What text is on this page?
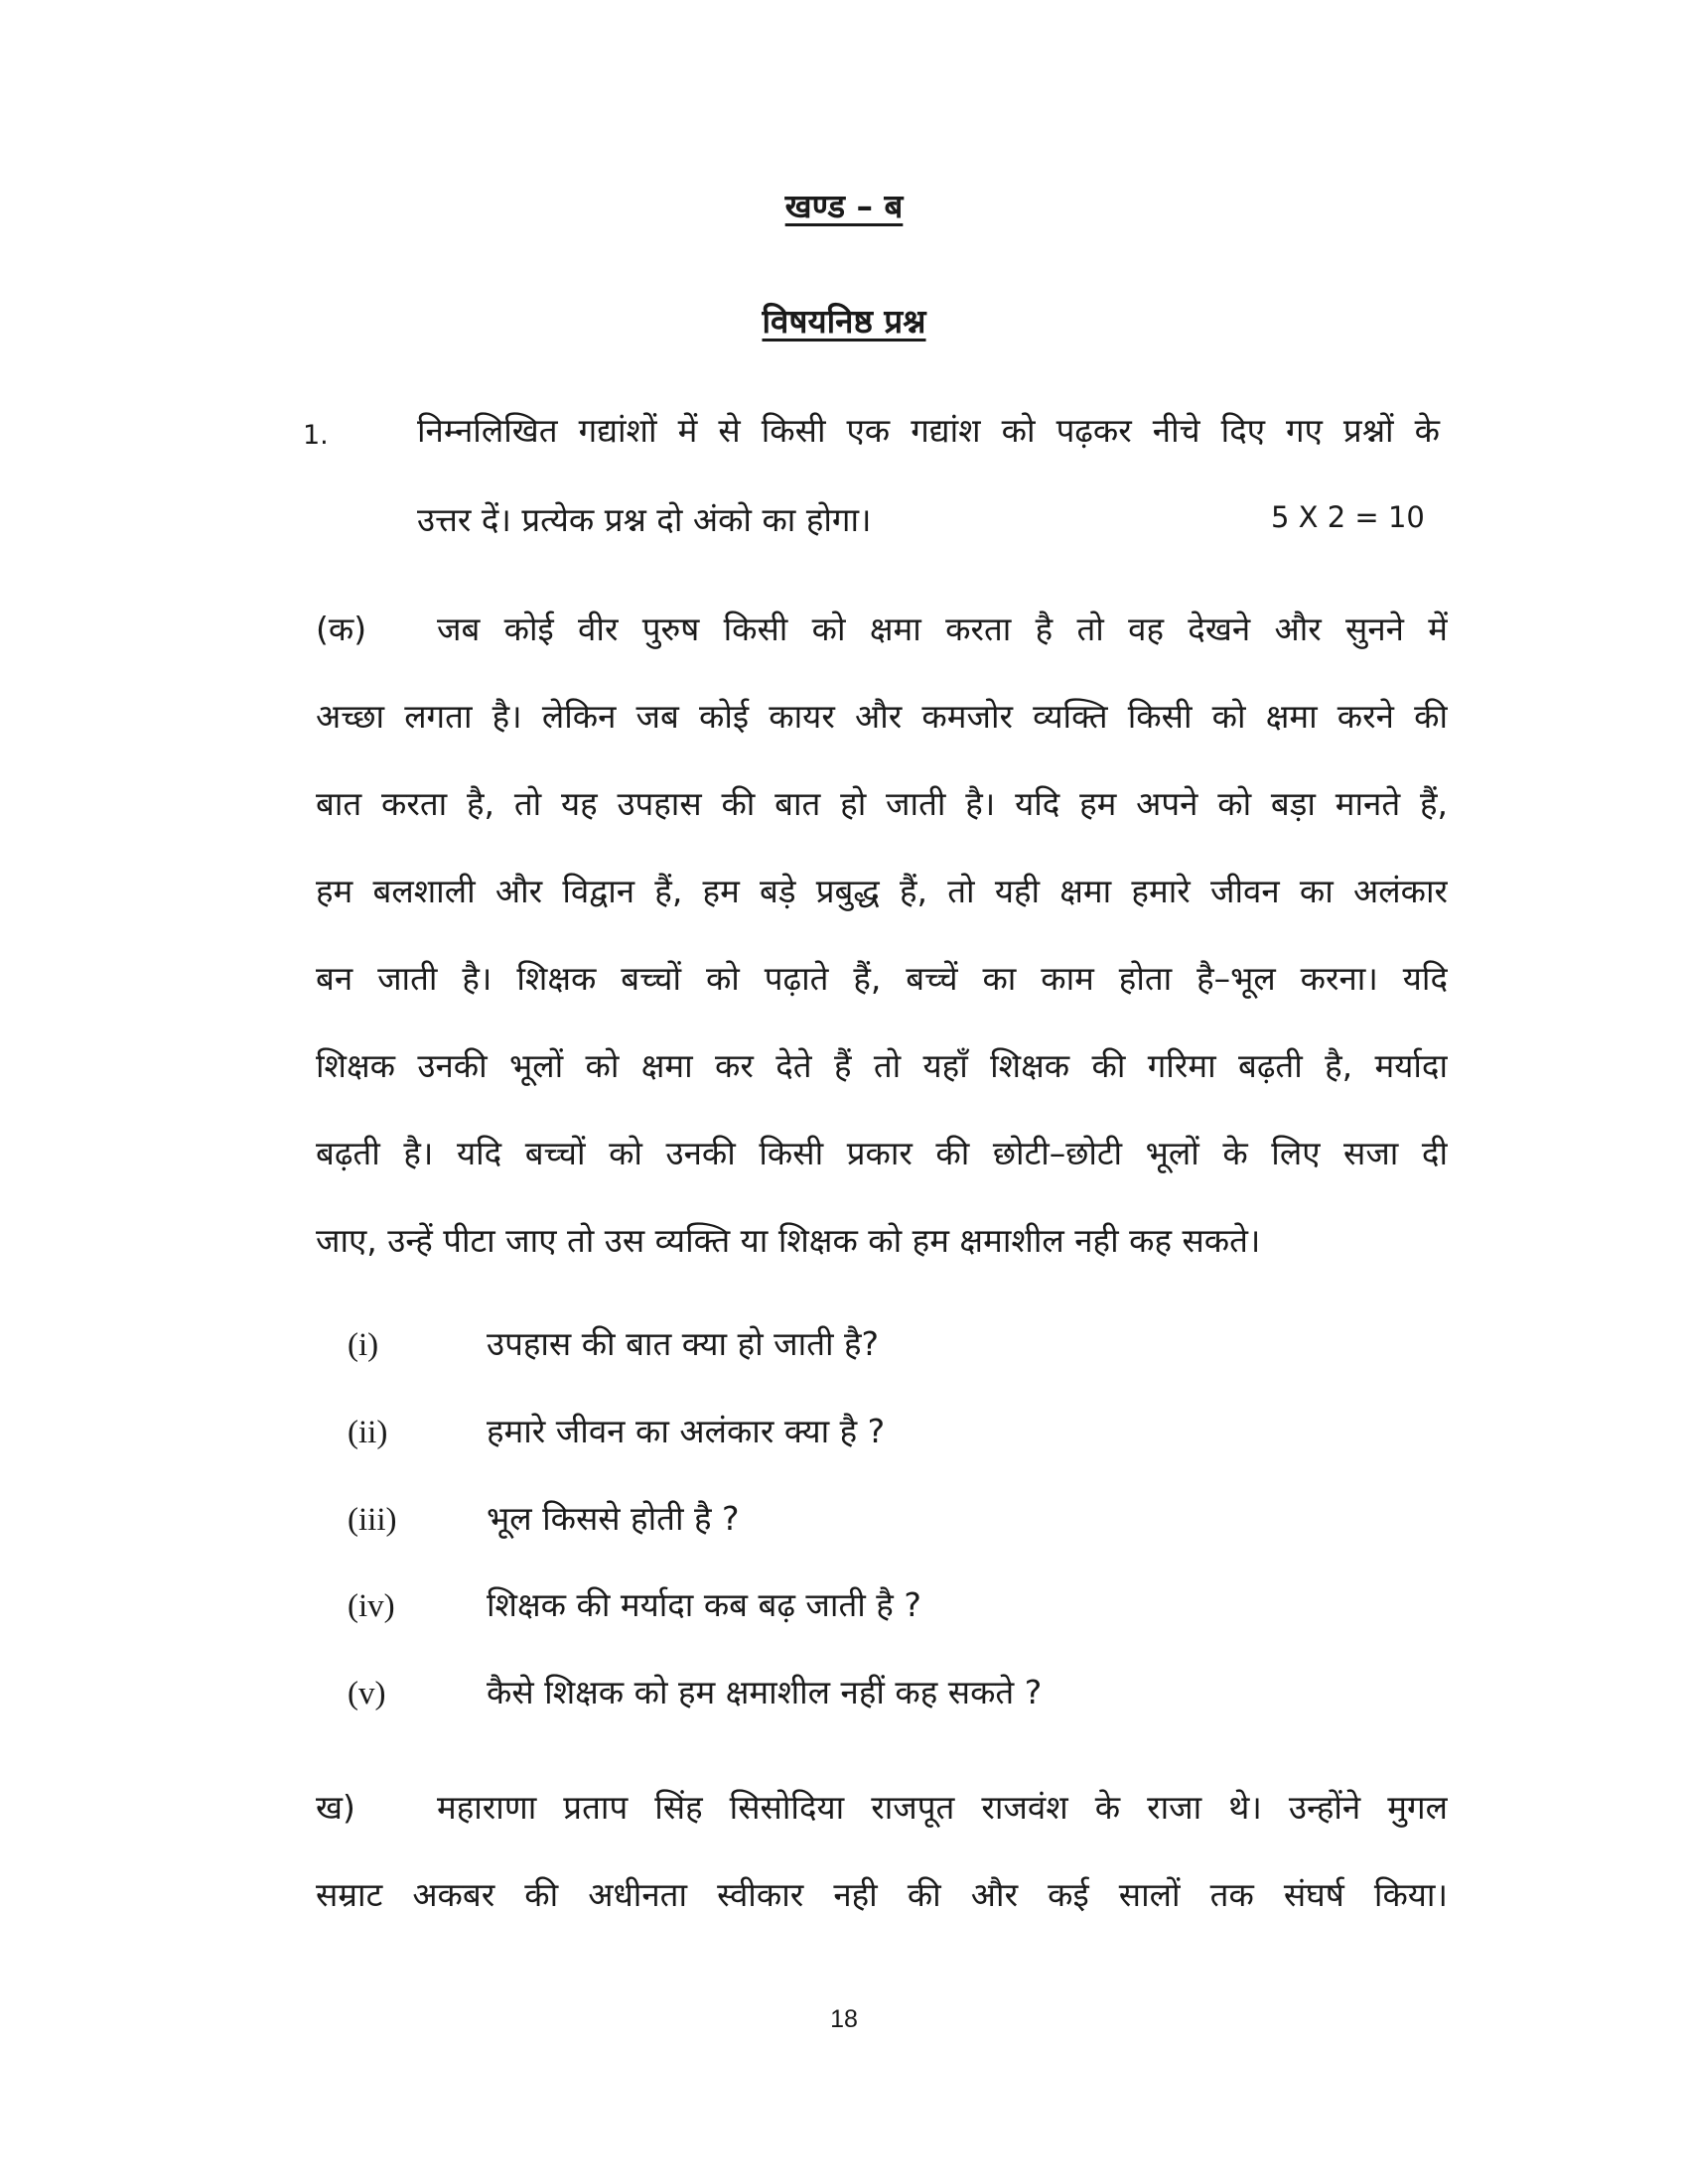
खण्ड – ब
विषयनिष्ठ प्रश्न
1.	निम्नलिखित गद्यांशों में से किसी एक गद्यांश को पढ़कर नीचे दिए गए प्रश्नों के
उत्तर दें। प्रत्येक प्रश्न दो अंको का होगा।	5 X 2 = 10
(क) जब कोई वीर पुरुष किसी को क्षमा करता है तो वह देखने और सुनने में
अच्छा लगता है। लेकिन जब कोई कायर और कमजोर व्यक्ति किसी को क्षमा करने की
बात करता है, तो यह उपहास की बात हो जाती है। यदि हम अपने को बड़ा मानते हैं,
हम बलशाली और विद्वान हैं, हम बड़े प्रबुद्ध हैं, तो यही क्षमा हमारे जीवन का अलंकार
बन जाती है। शिक्षक बच्चों को पढ़ाते हैं, बच्चें का काम होता है–भूल करना। यदि
शिक्षक उनकी भूलों को क्षमा कर देते हैं तो यहाँ शिक्षक की गरिमा बढ़ती है, मर्यादा
बढ़ती है। यदि बच्चों को उनकी किसी प्रकार की छोटी–छोटी भूलों के लिए सजा दी
जाए, उन्हें पीटा जाए तो उस व्यक्ति या शिक्षक को हम क्षमाशील नही कह सकते।
(i)	उपहास की बात क्या हो जाती है?
(ii)	हमारे जीवन का अलंकार क्या है ?
(iii)	भूल किससे होती है ?
(iv)	शिक्षक की मर्यादा कब बढ़ जाती है ?
(v)	कैसे शिक्षक को हम क्षमाशील नहीं कह सकते ?
ख) महाराणा प्रताप सिंह सिसोदिया राजपूत राजवंश के राजा थे। उन्होंने मुगल
सम्राट अकबर की अधीनता स्वीकार नही की और कई सालों तक संघर्ष किया।
18
